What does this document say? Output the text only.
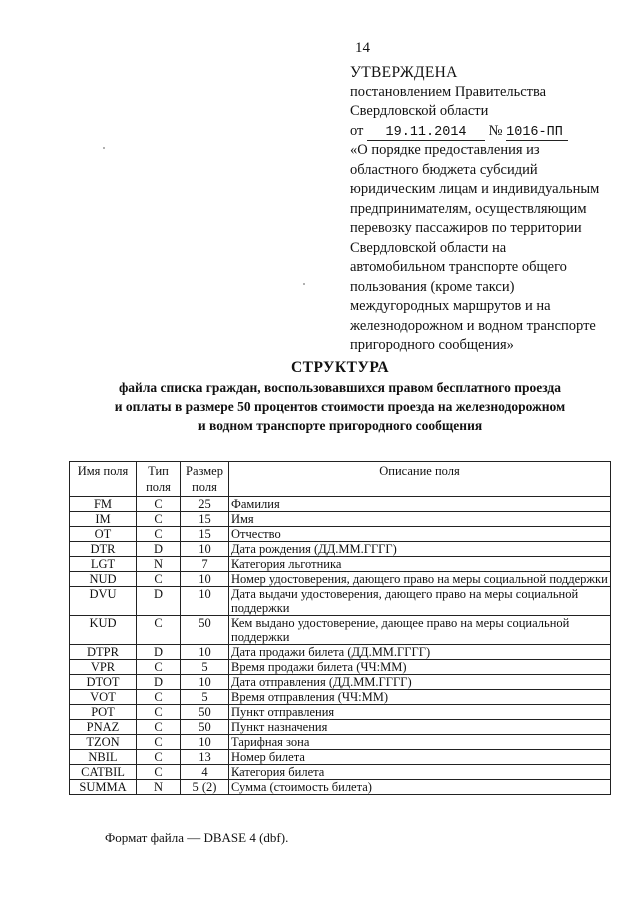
14
УТВЕРЖДЕНА
постановлением Правительства
Свердловской области
от 19.11.2014 № 1016-ПП
«О порядке предоставления из
областного бюджета субсидий
юридическим лицам и индивидуальным
предпринимателям, осуществляющим
перевозку пассажиров по территории
Свердловской области на
автомобильном транспорте общего
пользования (кроме такси)
междугородных маршрутов и на
железнодорожном и водном транспорте
пригородного сообщения»
СТРУКТУРА
файла списка граждан, воспользовавшихся правом бесплатного проезда
и оплаты в размере 50 процентов стоимости проезда на железнодорожном
и водном транспорте пригородного сообщения
Имя поля	Тип поля	Размер поля	Описание поля
FM	C	25	Фамилия
IM	C	15	Имя
OT	C	15	Отчество
DTR	D	10	Дата рождения (ДД.ММ.ГГГГ)
LGT	N	7	Категория льготника
NUD	C	10	Номер удостоверения, дающего право на меры социальной поддержки
DVU	D	10	Дата выдачи удостоверения, дающего право на меры социальной поддержки
KUD	C	50	Кем выдано удостоверение, дающее право на меры социальной поддержки
DTPR	D	10	Дата продажи билета (ДД.ММ.ГГГГ)
VPR	C	5	Время продажи билета (ЧЧ:ММ)
DTOT	D	10	Дата отправления (ДД.ММ.ГГГГ)
VOT	C	5	Время отправления (ЧЧ:ММ)
POT	C	50	Пункт отправления
PNAZ	C	50	Пункт назначения
TZON	C	10	Тарифная зона
NBIL	C	13	Номер билета
CATBIL	C	4	Категория билета
SUMMA	N	5 (2)	Сумма (стоимость билета)
Формат файла — DBASE 4 (dbf).
